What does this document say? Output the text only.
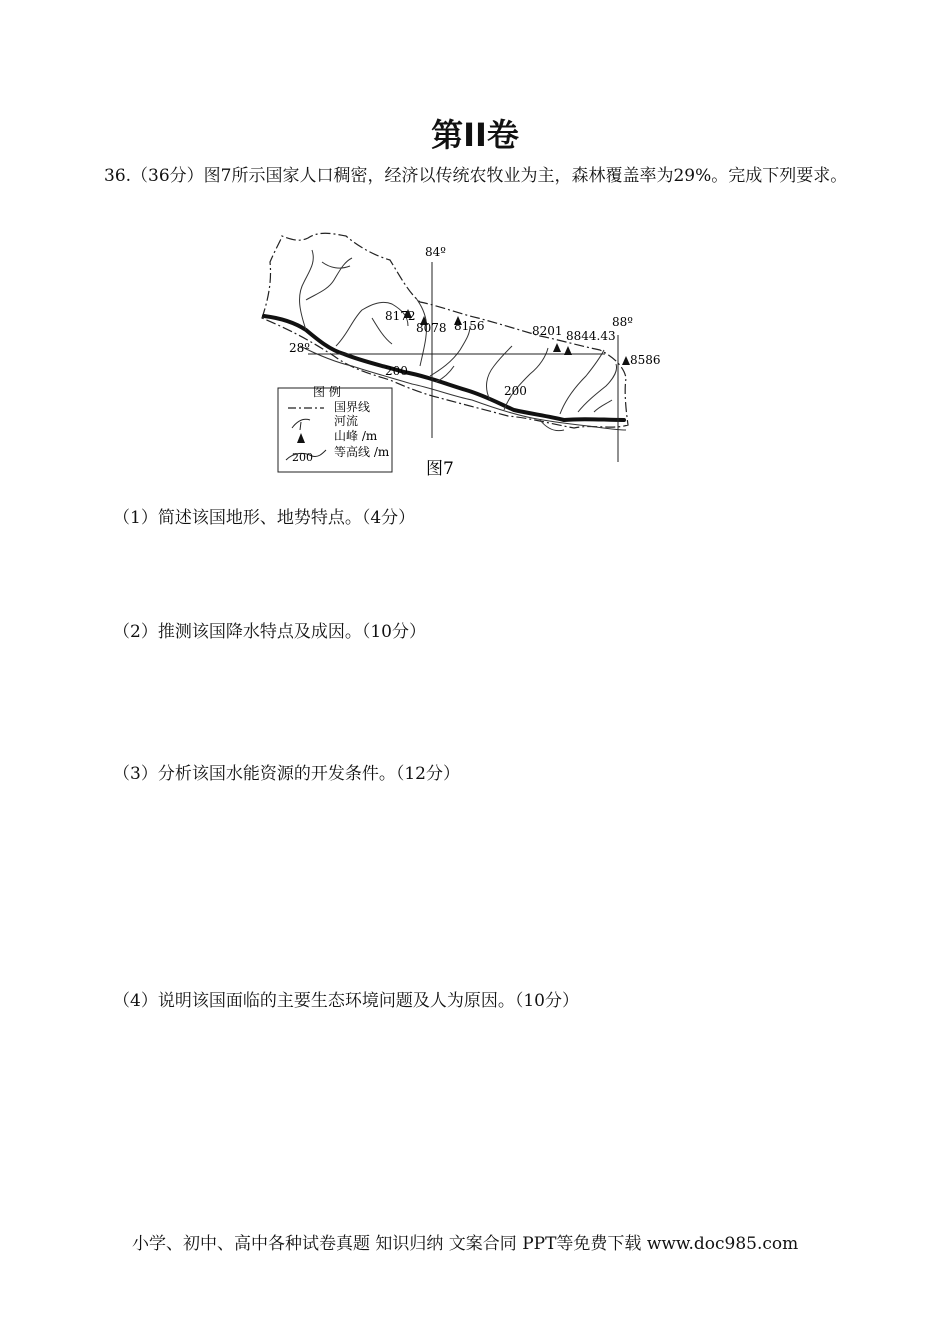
第II卷
36.（36分）图7所示国家人口稠密，经济以传统农牧业为主，森林覆盖率为29%。完成下列要求。
84º
88º
28º
8172
8078 8156	8201 8844.43
8586
200
200
图 例
国界线
河流
山峰 /m
200 等高线 /m
图7
（1）简述该国地形、地势特点。（4分）
（2）推测该国降水特点及成因。（10分）
（3）分析该国水能资源的开发条件。（12分）
（4）说明该国面临的主要生态环境问题及人为原因。（10分）
小学、初中、高中各种试卷真题 知识归纳 文案合同 PPT等免费下载 www.doc985.com
